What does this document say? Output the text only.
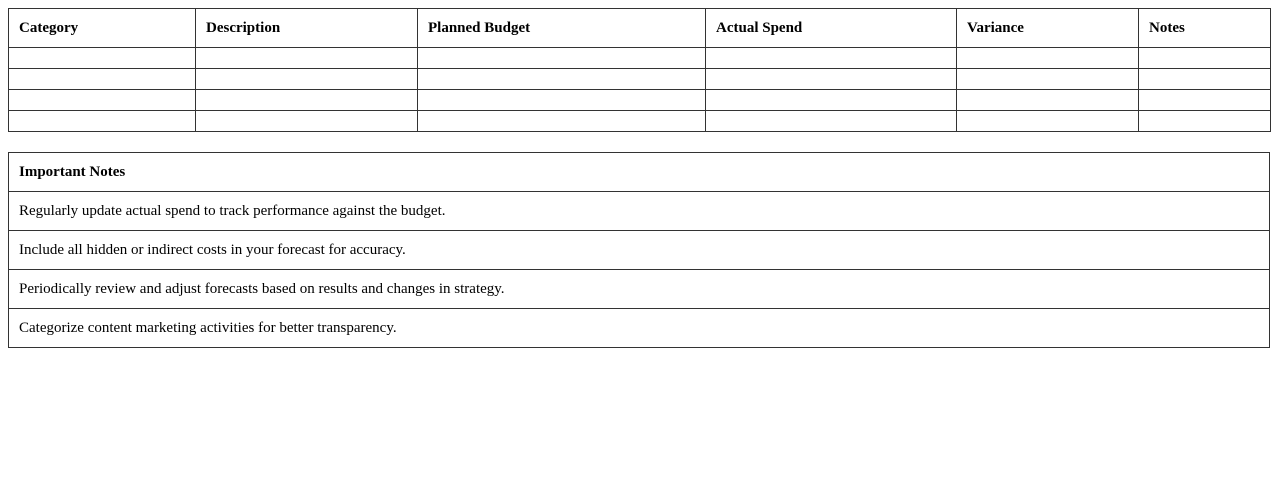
Category	Description	Planned Budget	Actual Spend	Variance	Notes

Important Notes
Regularly update actual spend to track performance against the budget.
Include all hidden or indirect costs in your forecast for accuracy.
Periodically review and adjust forecasts based on results and changes in strategy.
Categorize content marketing activities for better transparency.
